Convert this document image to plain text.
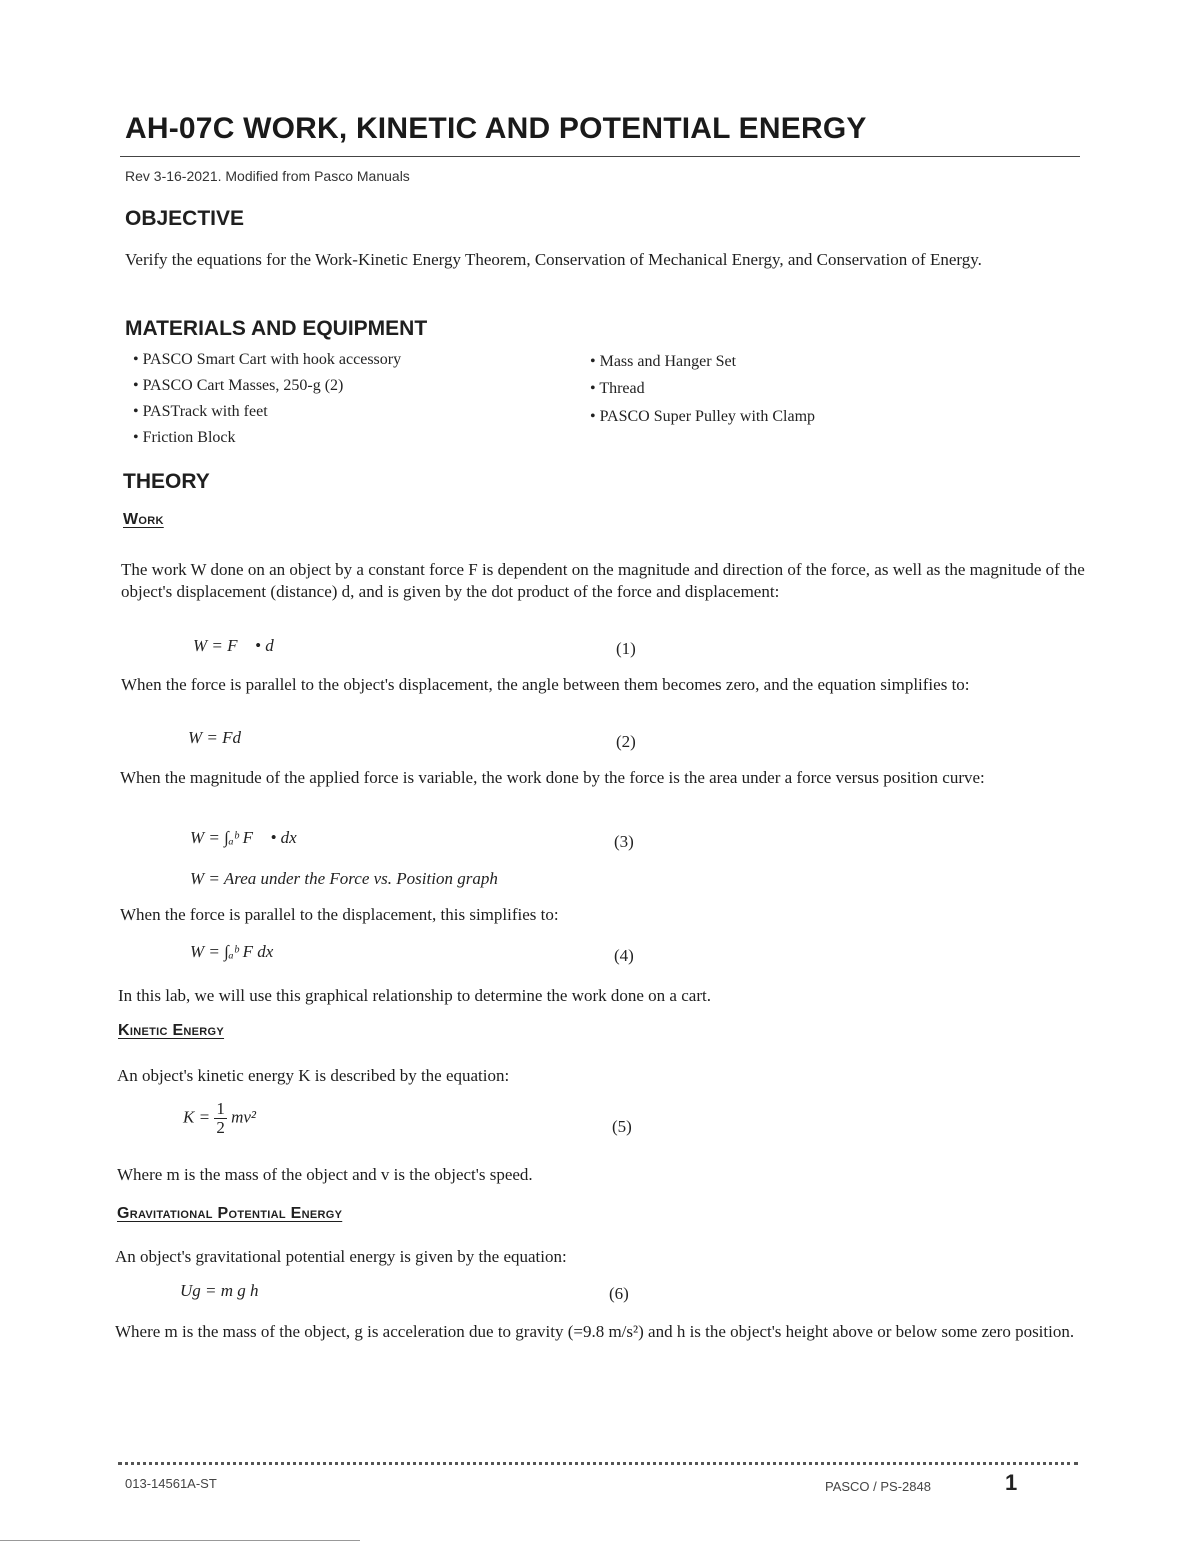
AH-07C WORK, KINETIC AND POTENTIAL ENERGY
Rev 3-16-2021. Modified from Pasco Manuals
OBJECTIVE
Verify the equations for the Work-Kinetic Energy Theorem, Conservation of Mechanical Energy, and Conservation of Energy.
MATERIALS AND EQUIPMENT
• PASCO Smart Cart with hook accessory
• PASCO Cart Masses, 250-g (2)
• PASTrack with feet
• Friction Block
• Mass and Hanger Set
• Thread
• PASCO Super Pulley with Clamp
THEORY
Work
The work W done on an object by a constant force F is dependent on the magnitude and direction of the force, as well as the magnitude of the object's displacement (distance) d, and is given by the dot product of the force and displacement:
W = F⃗ • d⃗	(1)
When the force is parallel to the object's displacement, the angle between them becomes zero, and the equation simplifies to:
W = Fd	(2)
When the magnitude of the applied force is variable, the work done by the force is the area under a force versus position curve:
W = ∫ₐᵇ F⃗ • dx⃗	(3)
W = Area under the Force vs. Position graph
When the force is parallel to the displacement, this simplifies to:
W = ∫ₐᵇ F dx	(4)
In this lab, we will use this graphical relationship to determine the work done on a cart.
Kinetic Energy
An object's kinetic energy K is described by the equation:
$K = \frac{1}{2} mv^2$
(5)
Where m is the mass of the object and v is the object's speed.
Gravitational Potential Energy
An object's gravitational potential energy is given by the equation:
Ug = m g h	(6)
Where m is the mass of the object, g is acceleration due to gravity (=9.8 m/s²) and h is the object's height above or below some zero position.
013-14561A-ST	PASCO / PS-2848	1
